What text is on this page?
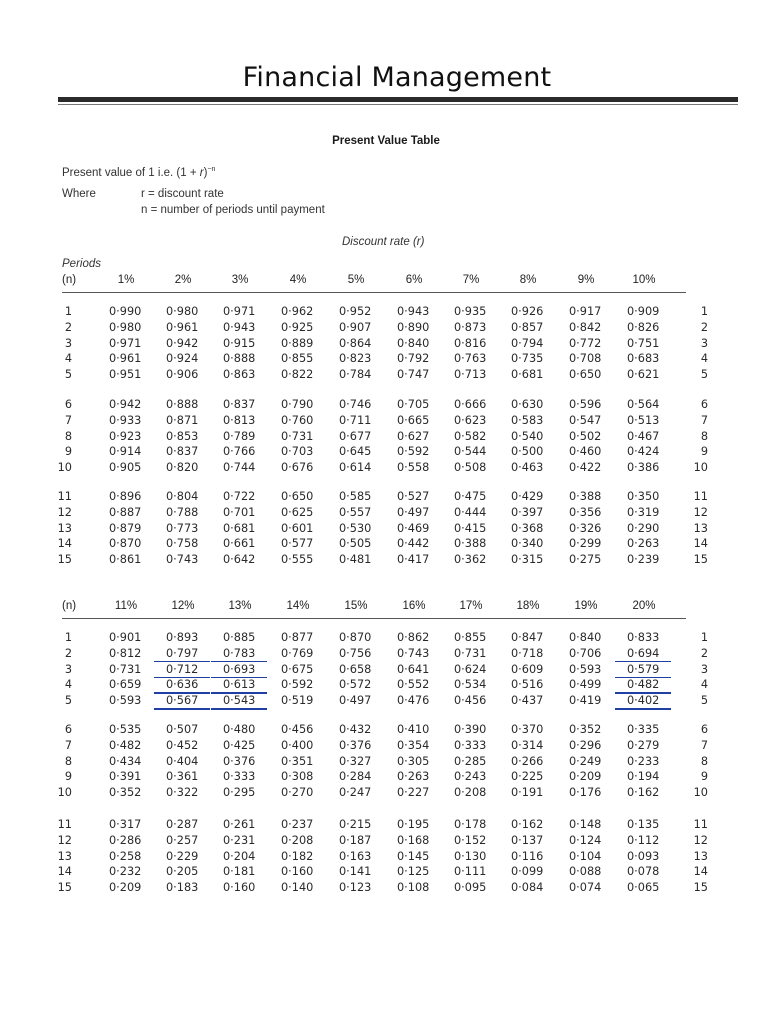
Financial Management
Present Value Table
Present value of 1 i.e. $(1 + r)^{-n}$
Where	r = discount rate
n = number of periods until payment
Discount rate (r)
Periods
(n)	1%	2%	3%	4%	5%	6%	7%	8%	9%	10%
1	0·990 0·980 0·971 0·962 0·952 0·943 0·935 0·926 0·917 0·909	1
2	0·980 0·961 0·943 0·925 0·907 0·890 0·873 0·857 0·842 0·826	2
3	0·971 0·942 0·915 0·889 0·864 0·840 0·816 0·794 0·772 0·751	3
4	0·961 0·924 0·888 0·855 0·823 0·792 0·763 0·735 0·708 0·683	4
5	0·951 0·906 0·863 0·822 0·784 0·747 0·713 0·681 0·650 0·621	5
6	0·942 0·888 0·837 0·790 0·746 0·705 0·666 0·630 0·596 0·564	6
7	0·933 0·871 0·813 0·760 0·711 0·665 0·623 0·583 0·547 0·513	7
8	0·923 0·853 0·789 0·731 0·677 0·627 0·582 0·540 0·502 0·467	8
9	0·914 0·837 0·766 0·703 0·645 0·592 0·544 0·500 0·460 0·424	9
10	0·905 0·820 0·744 0·676 0·614 0·558 0·508 0·463 0·422 0·386	10
11	0·896 0·804 0·722 0·650 0·585 0·527 0·475 0·429 0·388 0·350	11
12	0·887 0·788 0·701 0·625 0·557 0·497 0·444 0·397 0·356 0·319	12
13	0·879 0·773 0·681 0·601 0·530 0·469 0·415 0·368 0·326 0·290	13
14	0·870 0·758 0·661 0·577 0·505 0·442 0·388 0·340 0·299 0·263	14
15	0·861 0·743 0·642 0·555 0·481 0·417 0·362 0·315 0·275 0·239	15
(n)	11%	12%	13%	14%	15%	16%	17%	18%	19%	20%
1	0·901 0·893 0·885 0·877 0·870 0·862 0·855 0·847 0·840 0·833	1
2	0·812 0·797 0·783 0·769 0·756 0·743 0·731 0·718 0·706 0·694	2
3	0·731 0·712 0·693 0·675 0·658 0·641 0·624 0·609 0·593 0·579	3
4	0·659 0·636 0·613 0·592 0·572 0·552 0·534 0·516 0·499 0·482	4
5	0·593 0·567 0·543 0·519 0·497 0·476 0·456 0·437 0·419 0·402	5
6	0·535 0·507 0·480 0·456 0·432 0·410 0·390 0·370 0·352 0·335	6
7	0·482 0·452 0·425 0·400 0·376 0·354 0·333 0·314 0·296 0·279	7
8	0·434 0·404 0·376 0·351 0·327 0·305 0·285 0·266 0·249 0·233	8
9	0·391 0·361 0·333 0·308 0·284 0·263 0·243 0·225 0·209 0·194	9
10	0·352 0·322 0·295 0·270 0·247 0·227 0·208 0·191 0·176 0·162	10
11	0·317 0·287 0·261 0·237 0·215 0·195 0·178 0·162 0·148 0·135	11
12	0·286 0·257 0·231 0·208 0·187 0·168 0·152 0·137 0·124 0·112	12
13	0·258 0·229 0·204 0·182 0·163 0·145 0·130 0·116 0·104 0·093	13
14	0·232 0·205 0·181 0·160 0·141 0·125 0·111 0·099 0·088 0·078	14
15	0·209 0·183 0·160 0·140 0·123 0·108 0·095 0·084 0·074 0·065	15
